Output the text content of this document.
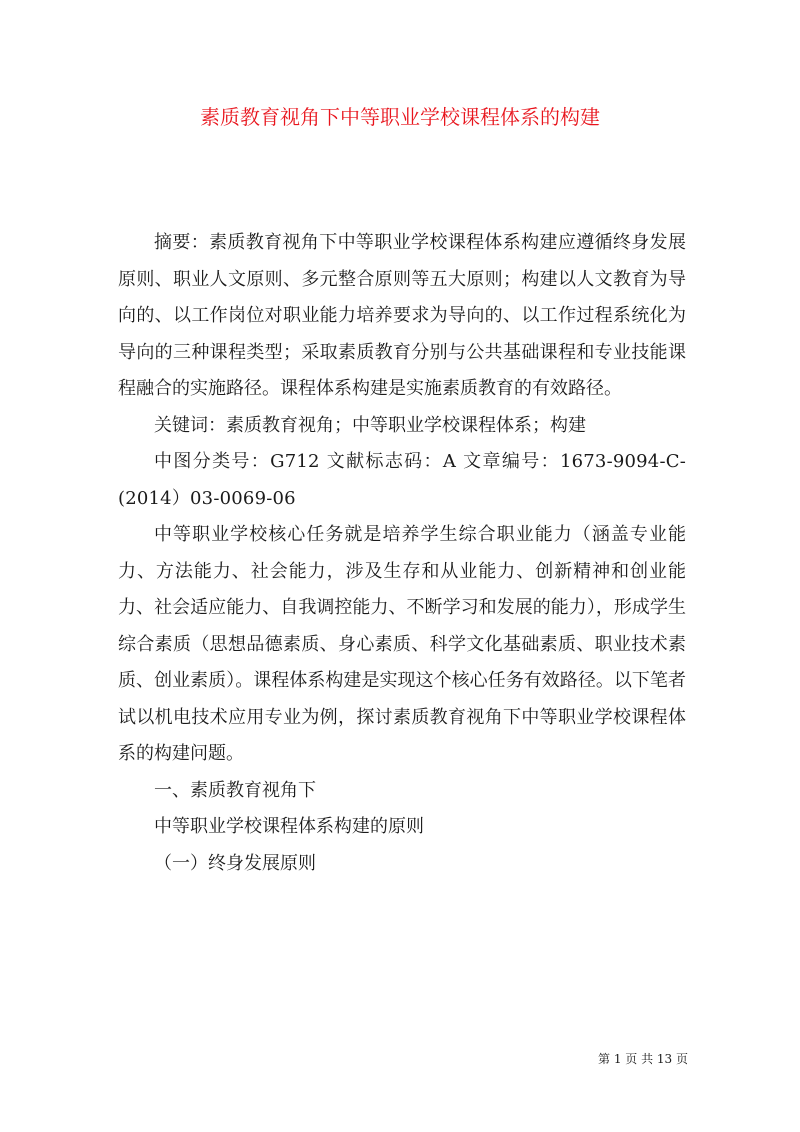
素质教育视角下中等职业学校课程体系的构建

摘要：素质教育视角下中等职业学校课程体系构建应遵循终身发展原则、职业人文原则、多元整合原则等五大原则；构建以人文教育为导向的、以工作岗位对职业能力培养要求为导向的、以工作过程系统化为导向的三种课程类型；采取素质教育分别与公共基础课程和专业技能课程融合的实施路径。课程体系构建是实施素质教育的有效路径。

关键词：素质教育视角；中等职业学校课程体系；构建

中图分类号：G712 文献标志码：A 文章编号：1673-9094-C-(2014）03-0069-06

中等职业学校核心任务就是培养学生综合职业能力（涵盖专业能力、方法能力、社会能力，涉及生存和从业能力、创新精神和创业能力、社会适应能力、自我调控能力、不断学习和发展的能力），形成学生综合素质（思想品德素质、身心素质、科学文化基础素质、职业技术素质、创业素质）。课程体系构建是实现这个核心任务有效路径。以下笔者试以机电技术应用专业为例，探讨素质教育视角下中等职业学校课程体系的构建问题。

一、素质教育视角下

中等职业学校课程体系构建的原则

（一）终身发展原则

第 1 页 共 13 页
